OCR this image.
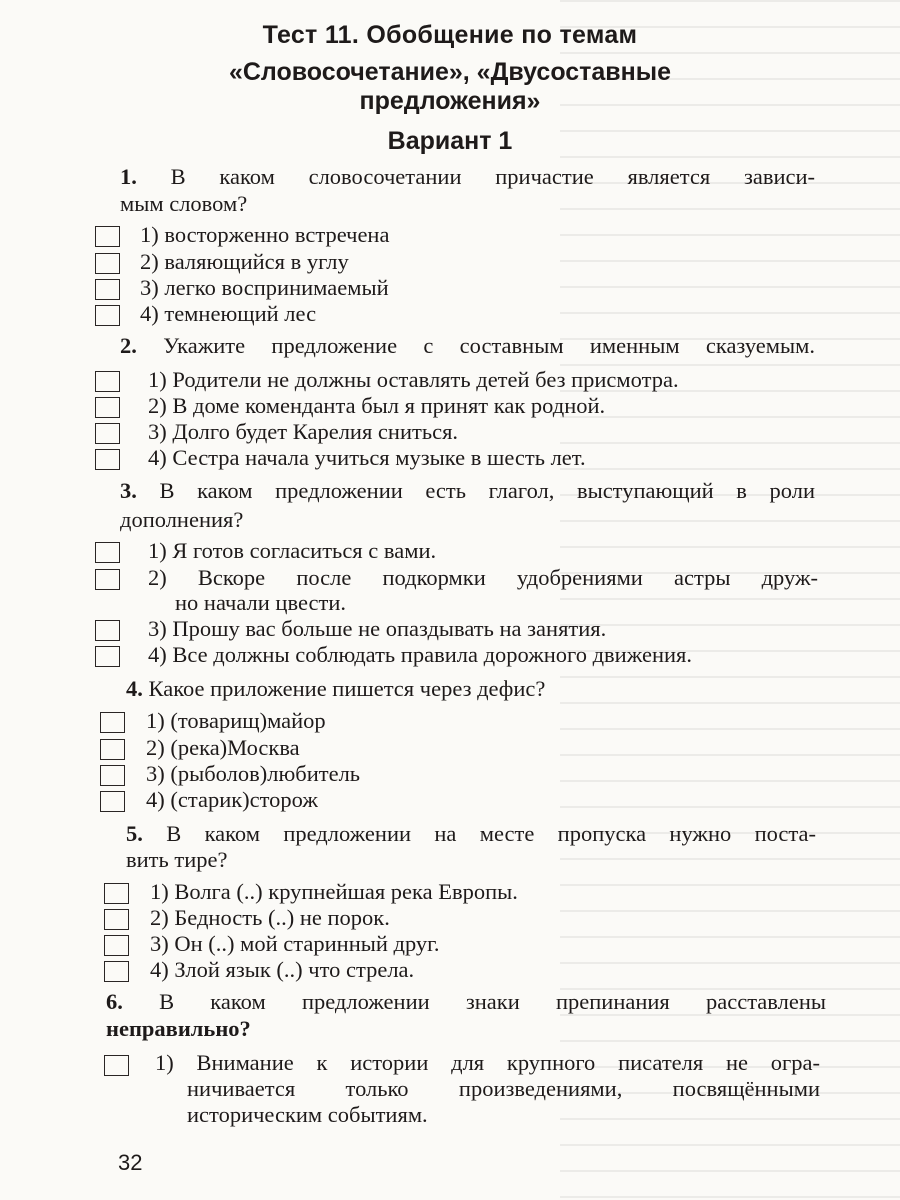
Тест 11. Обобщение по темам
«Словосочетание», «Двусоставные
предложения»
Вариант 1
1. В каком словосочетании причастие является зависи-
мым словом?
1) восторженно встречена
2) валяющийся в углу
3) легко воспринимаемый
4) темнеющий лес
2. Укажите предложение с составным именным сказуемым.
1) Родители не должны оставлять детей без присмотра.
2) В доме коменданта был я принят как родной.
3) Долго будет Карелия сниться.
4) Сестра начала учиться музыке в шесть лет.
3. В каком предложении есть глагол, выступающий в роли
дополнения?
1) Я готов согласиться с вами.
2) Вскоре после подкормки удобрениями астры друж-
но начали цвести.
3) Прошу вас больше не опаздывать на занятия.
4) Все должны соблюдать правила дорожного движения.
4. Какое приложение пишется через дефис?
1) (товарищ)майор
2) (река)Москва
3) (рыболов)любитель
4) (старик)сторож
5. В каком предложении на месте пропуска нужно поста-
вить тире?
1) Волга (..) крупнейшая река Европы.
2) Бедность (..) не порок.
3) Он (..) мой старинный друг.
4) Злой язык (..) что стрела.
6. В каком предложении знаки препинания расставлены
неправильно?
1) Внимание к истории для крупного писателя не огра-
ничивается только произведениями, посвящёнными
историческим событиям.
32
